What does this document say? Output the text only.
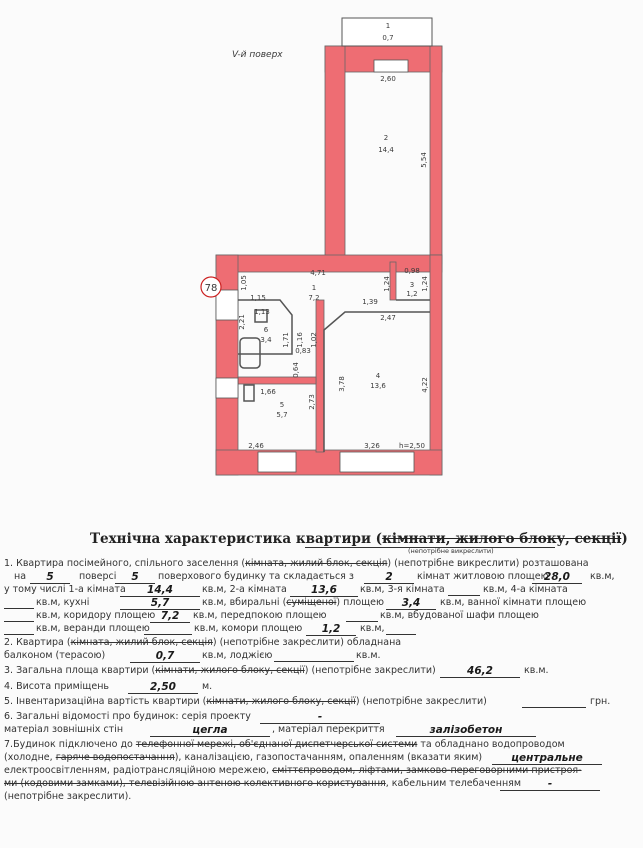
V-й поверх
78
1
0,7
2,60
2
14,4
5,54
4,71	0,98
1,24	1,24
3
1,2
1,05
1,15
1
7,2	1,39
2,47
1,13
2,21
6
3,4 1,71 1,16 1,02
0,83
0,64
1,66
3,78
4
13,6	4,22
2,73
5
5,7
2,46	3,26	h=2,50
Технічна характеристика квартири (кімнати, жилого блоку, секції)
(непотрібне викреслити)
1. Квартира посімейного, спільного заселення (кімната, жилий блок, секція) (непотрібне викреслити) розташована
на	5	поверсі	5	поверхового будинку та складається з	2	кімнат житловою площею
28,0	кв.м,
у тому числі 1-а кімната	14,4	кв.м, 2-а кімната	13,6	кв.м, 3-я кімната	кв.м, 4-а кімната
кв.м, кухні	5,7	кв.м, вбиральні (суміщеної) площею	3,4	кв.м, ванної кімнати площею
кв.м, коридору площею 7,2	кв.м, передпокою площею	кв.м, вбудованої шафи площею
кв.м, веранди площею	кв.м, комори площею	1,2	кв.м,
2. Квартира (кімната, жилий блок, секція) (непотрібне закреслити) обладнана
балконом (терасою)	0,7	кв.м, лоджією	кв.м.
3. Загальна площа квартири (кімнати, жилого блоку, секції) (непотрібне закреслити)	46,2	кв.м.
4. Висота приміщень	2,50	м.
5. Інвентаризаційна вартість квартири (кімнати, жилого блоку, секції) (непотрібне закреслити)	грн.
6. Загальні відомості про будинок: серія проекту	-
матеріал зовнішніх стін	цегла	, матеріал перекриття	залізобетон
7.Будинок підключено до телефонної мережі, об'єднаної диспетчерської системи та обладнано водопроводом
(холодне, гаряче водопостачання), каналізацією, газопостачанням, опаленням (вказати яким)	центральне
електроосвітленням, радіотрансляційною мережею, сміттєпроводом, ліфтами, замково-переговорними пристроя-
ми (кодовими замками), телевізійною антеною колективного користування, кабельним телебаченням	-
(непотрібне закреслити).
